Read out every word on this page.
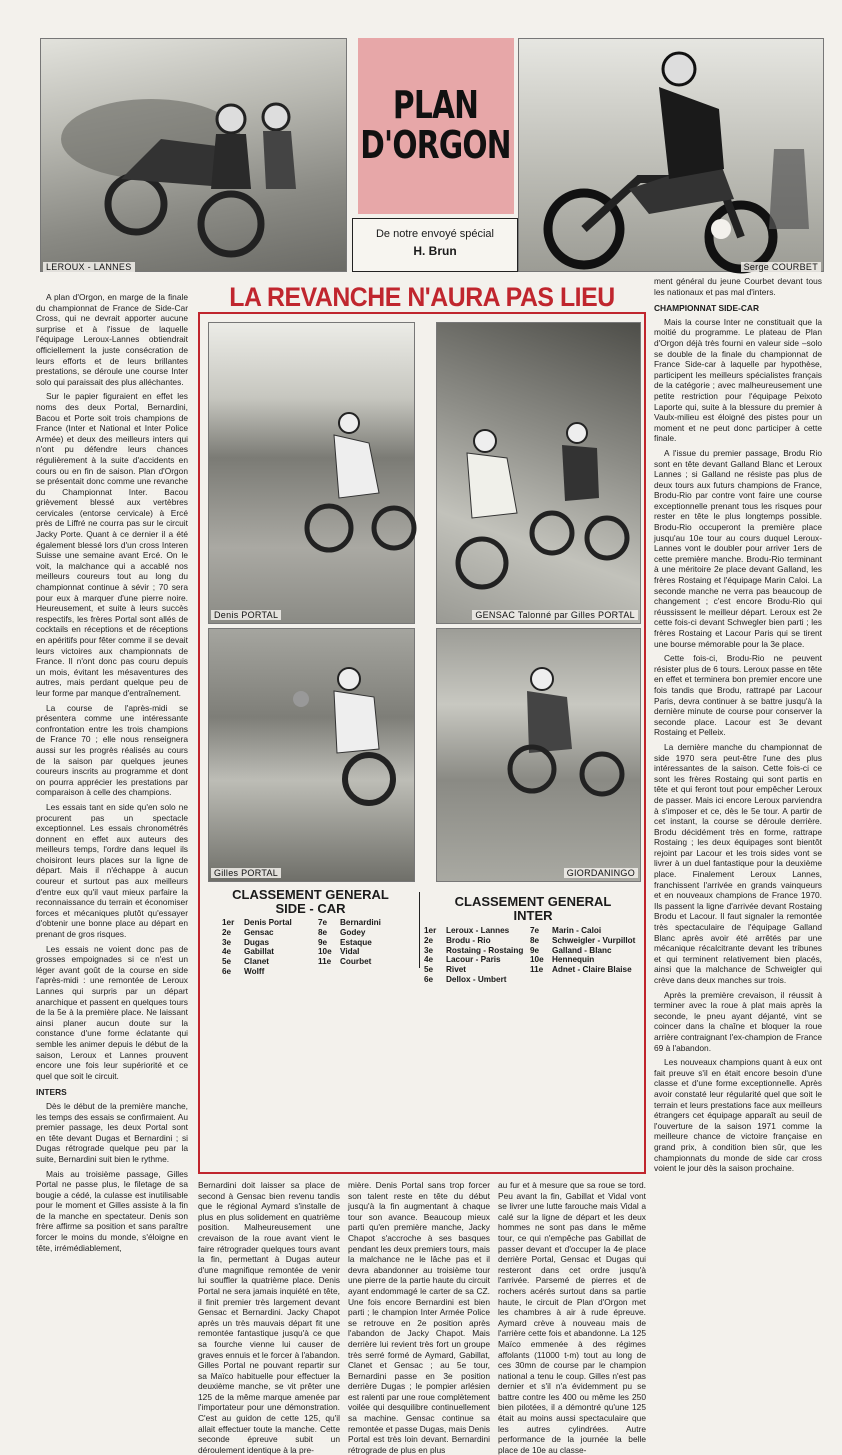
LEROUX - LANNES
PLAN
D'ORGON
De notre envoyé spécial
H. Brun
Serge COURBET
LA REVANCHE N'AURA PAS LIEU
Denis PORTAL	GENSAC Talonné par Gilles PORTAL
Gilles PORTAL	GIORDANINGO
CLASSEMENT GENERAL
SIDE - CAR
1er	Denis Portal
2e	Gensac
3e	Dugas
4e	Gabillat
5e	Clanet
6e	Wolff
7e	Bernardini
8e	Godey
9e	Estaque
10e	Vidal
11e	Courbet
CLASSEMENT GENERAL
INTER
1er	Leroux - Lannes
2e	Brodu - Rio
3e	Rostaing - Rostaing
4e	Lacour - Paris
5e	Rivet
6e	Dellox - Umbert
7e	Marin - Caloi
8e	Schweigler - Vurpillot
9e	Galland - Blanc
10e	Hennequin
11e	Adnet - Claire Blaise

A plan d'Orgon, en marge de la finale du championnat de France de Side-Car Cross, qui ne devrait apporter aucune surprise et à l'issue de laquelle l'équipage Leroux-Lannes obtiendrait officiellement la juste consécration de leurs efforts et de leurs brillantes prestations, se déroule une course Inter solo qui paraissait des plus alléchantes.

Sur le papier figuraient en effet les noms des deux Portal, Bernardini, Bacou et Porte soit trois champions de France (Inter et National et Inter Police Armée) et deux des meilleurs inters qui n'ont pu défendre leurs chances régulièrement à la suite d'accidents en cours ou en fin de saison. Plan d'Orgon se présentait donc comme une revanche du Championnat Inter. Bacou grièvement blessé aux vertèbres cervicales (entorse cervicale) à Ercé près de Liffré ne courra pas sur le circuit Jacky Porte. Quant à ce dernier il a été également blessé lors d'un cross Interen Suisse une semaine avant Ercé. On le voit, la malchance qui a accablé nos meilleurs coureurs tout au long du championnat continue à sévir ; 70 sera pour eux à marquer d'une pierre noire. Heureusement, et suite à leurs succès respectifs, les frères Portal sont allés de cocktails en réceptions et de réceptions en apéritifs pour fêter comme il se devait leurs victoires aux championnats de France. Il n'ont donc pas couru depuis un mois, évitant les mésaventures des autres, mais perdant quelque peu de leur forme par manque d'entraînement.

La course de l'après-midi se présentera comme une intéressante confrontation entre les trois champions de France 70 ; elle nous renseignera aussi sur les progrès réalisés au cours de la saison par quelques jeunes coureurs inscrits au programme et dont on pourra apprécier les prestations par comparaison à celle des champions.

Les essais tant en side qu'en solo ne procurent pas un spectacle exceptionnel. Les essais chronométrés donnent en effet aux auteurs des meilleurs temps, l'ordre dans lequel ils choisiront leurs places sur la ligne de départ. Mais il n'échappe à aucun coureur et surtout pas aux meilleurs d'entre eux qu'il vaut mieux parfaire la reconnaissance du terrain et économiser forces et mécaniques plutôt qu'essayer d'obtenir une bonne place au départ en prenant de gros risques.

Les essais ne voient donc pas de grosses empoignades si ce n'est un léger avant goût de la course en side l'après-midi : une remontée de Leroux Lannes qui surpris par un départ anarchique et passent en quelques tours de la 5e à la première place. Ne laissant ainsi planer aucun doute sur la constance d'une forme éclatante qui semble les animer depuis le début de la saison, Leroux et Lannes prouvent encore une fois leur supériorité et ce quel que soit le circuit.

INTERS

Dès le début de la première manche, les temps des essais se confirmaient. Au premier passage, les deux Portal sont en tête devant Dugas et Bernardini ; si Dugas rétrograde quelque peu par la suite, Bernardini suit bien le rythme.

Mais au troisième passage, Gilles Portal ne passe plus, le filetage de sa bougie a cédé, la culasse est inutilisable pour le moment et Gilles assiste à la fin de la manche en spectateur. Denis son frère affirme sa position et sans paraître forcer le moins du monde, s'éloigne en tête, irrémédiablement,

Bernardini doit laisser sa place de second à Gensac bien revenu tandis que le régional Aymard s'installe de plus en plus solidement en quatrième position. Malheureusement une crevaison de la roue avant vient le faire rétrograder quelques tours avant la fin, permettant à Dugas auteur d'une magnifique remontée de venir lui souffler la quatrième place. Denis Portal ne sera jamais inquiété en tête, il finit premier très largement devant Gensac et Bernardini. Jacky Chapot après un très mauvais départ fit une remontée fantastique jusqu'à ce que sa fourche vienne lui causer de graves ennuis et le forcer à l'abandon. Gilles Portal ne pouvant repartir sur sa Maïco habituelle pour effectuer la deuxième manche, se vit prêter une 125 de la même marque amenée par l'importateur pour une démonstration. C'est au guidon de cette 125, qu'il allait effectuer toute la manche. Cette seconde épreuve subit un déroulement identique à la pre-

mière. Denis Portal sans trop forcer son talent reste en tête du début jusqu'à la fin augmentant à chaque tour son avance. Beaucoup mieux parti qu'en première manche, Jacky Chapot s'accroche à ses basques pendant les deux premiers tours, mais la malchance ne le lâche pas et il devra abandonner au troisième tour une pierre de la partie haute du circuit ayant endommagé le carter de sa CZ. Une fois encore Bernardini est bien parti ; le champion Inter Armée Police se retrouve en 2e position après l'abandon de Jacky Chapot. Mais derrière lui revient très fort un groupe très serré formé de Aymard, Gabillat, Clanet et Gensac ; au 5e tour, Bernardini passe en 3e position derrière Dugas ; le pompier arlésien est ralenti par une roue complètement voilée qui desquilibre continuellement sa machine. Gensac continue sa remontée et passe Dugas, mais Denis Portal est très loin devant. Bernardini rétrograde de plus en plus

au fur et à mesure que sa roue se tord. Peu avant la fin, Gabillat et Vidal vont se livrer une lutte farouche mais Vidal a calé sur la ligne de départ et les deux hommes ne sont pas dans le même tour, ce qui n'empêche pas Gabillat de passer devant et d'occuper la 4e place derrière Portal, Gensac et Dugas qui resteront dans cet ordre jusqu'à l'arrivée. Parsemé de pierres et de rochers acérés surtout dans sa partie haute, le circuit de Plan d'Orgon met les chambres à air à rude épreuve. Aymard crève à nouveau mais de l'arrière cette fois et abandonne. La 125 Maïco emmenée à des régimes affolants (11000 t-m) tout au long de ces 30mn de course par le champion national a tenu le coup. Gilles n'est pas dernier et s'il n'a évidemment pu se battre contre les 400 ou même les 250 bien pilotées, il a démontré qu'une 125 était au moins aussi spectaculaire que les autres cylindrées. Autre performance de la journée la belle place de 10e au classe-

ment général du jeune Courbet devant tous les nationaux et pas mal d'inters.

CHAMPIONNAT SIDE-CAR

Mais la course Inter ne constituait que la moitié du programme. Le plateau de Plan d'Orgon déjà très fourni en valeur side –solo se double de la finale du championnat de France Side-car à laquelle par hypothèse, participent les meilleurs spécialistes français de la catégorie ; avec malheureusement une petite restriction pour l'équipage Peixoto Laporte qui, suite à la blessure du premier à Vaulx-milieu est éloigné des pistes pour un moment et ne peut donc participer à cette finale.

A l'issue du premier passage, Brodu Rio sont en tête devant Galland Blanc et Leroux Lannes ; si Galland ne résiste pas plus de deux tours aux futurs champions de France, Brodu-Rio par contre vont faire une course exceptionnelle prenant tous les risques pour rester en tête le plus longtemps possible. Brodu-Rio occuperont la première place jusqu'au 10e tour au cours duquel Leroux-Lannes vont le doubler pour arriver 1ers de cette première manche. Brodu-Rio terminant à une méritoire 2e place devant Galland, les frères Rostaing et l'équipage Marin Caloi. La seconde manche ne verra pas beaucoup de changement ; c'est encore Brodu-Rio qui réussissent le meilleur départ. Leroux est 2e cette fois-ci devant Schwegler bien parti ; les frères Rostaing et Lacour Paris qui se tirent une bourse mémorable pour la 3e place.

Cette fois-ci, Brodu-Rio ne peuvent résister plus de 6 tours. Leroux passe en tête en effet et terminera bon premier encore une fois tandis que Brodu, rattrapé par Lacour Paris, devra continuer à se battre jusqu'à la dernière minute de course pour conserver la seconde place. Lacour est 3e devant Rostaing et Pelleix.

La dernière manche du championnat de side 1970 sera peut-être l'une des plus intéressantes de la saison. Cette fois-ci ce sont les frères Rostaing qui sont partis en tête et qui feront tout pour empêcher Leroux de passer. Mais ici encore Leroux parviendra à s'imposer et ce, dès le 5e tour. A partir de cet instant, la course se déroule derrière. Brodu décidément très en forme, rattrape Rostaing ; les deux équipages sont bientôt rejoint par Lacour et les trois sides vont se livrer à un duel fantastique pour la deuxième place. Finalement Leroux Lannes, franchissent l'arrivée en grands vainqueurs et en nouveaux champions de France 1970. Ils passent la ligne d'arrivée devant Rostaing Brodu et Lacour. Il faut signaler la remontée très spectaculaire de l'équipage Galland Blanc après avoir été arrêtés par une mécanique récalcitrante devant les tribunes et qui terminent relativement bien placés, ainsi que la malchance de Schweigler qui crève dans deux manches sur trois.

Après la première crevaison, il réussit à terminer avec la roue à plat mais après la seconde, le pneu ayant déjanté, vint se coincer dans la chaîne et bloquer la roue arrière contraignant l'ex-champion de France 69 à l'abandon.

Les nouveaux champions quant à eux ont fait preuve s'il en était encore besoin d'une classe et d'une forme exceptionnelle. Après avoir constaté leur régularité quel que soit le terrain et leurs prestations face aux meilleurs étrangers cet équipage apparaît au seuil de l'ouverture de la saison 1971 comme la meilleure chance de victoire française en grand prix, à condition bien sûr, que les championnats du monde de side car cross voient le jour dès la saison prochaine.
